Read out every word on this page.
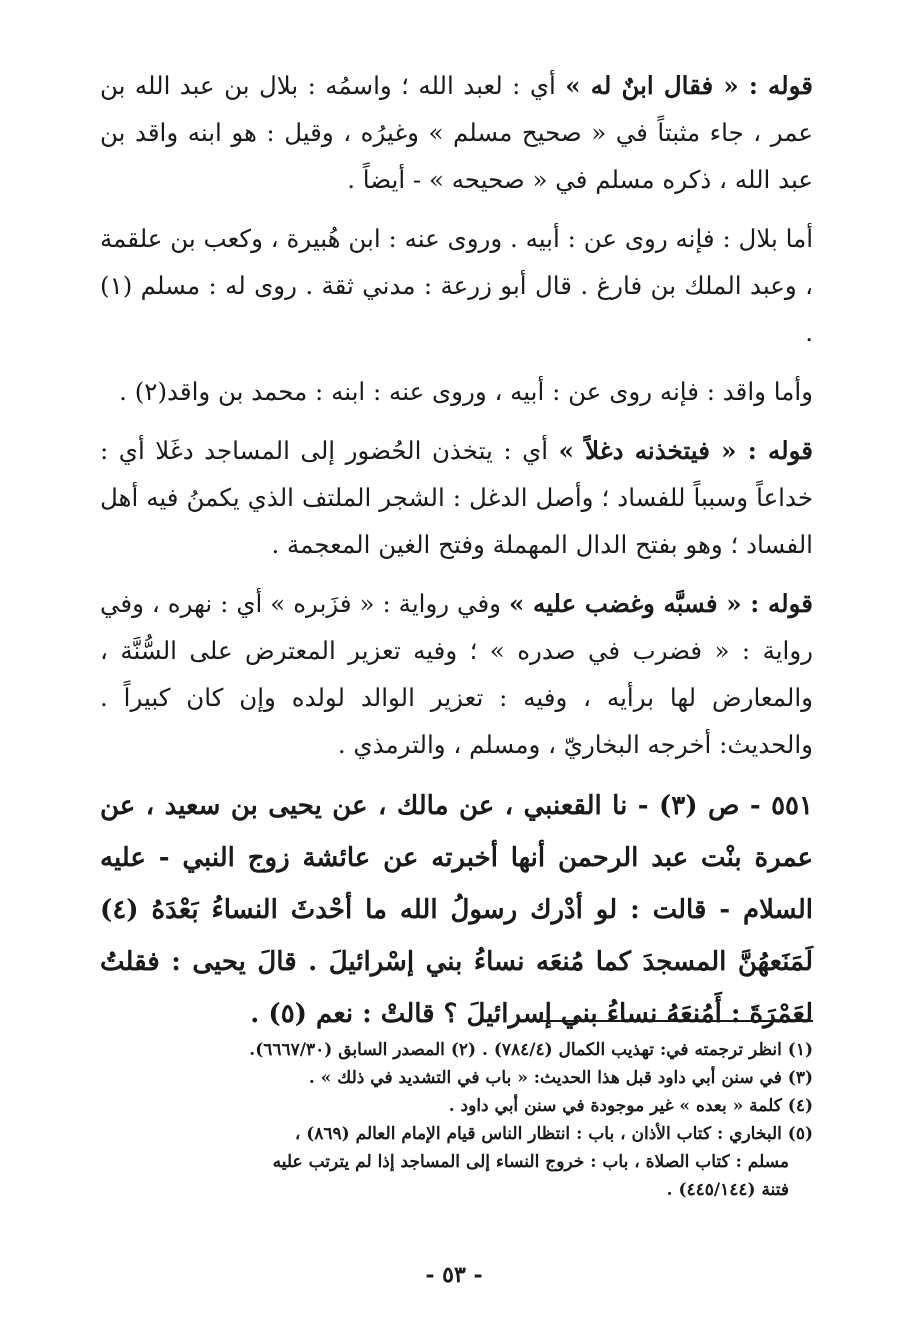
قوله : « فقال ابنٌ له » أي : لعبد الله ؛ واسمُه : بلال بن عبد الله بن عمر ، جاء مثبتاً في « صحيح مسلم » وغيرُه ، وقيل : هو ابنه واقد بن عبد الله ، ذكره مسلم في « صحيحه » - أيضاً .

أما بلال : فإنه روى عن : أبيه . وروى عنه : ابن هُبيرة ، وكعب بن علقمة ، وعبد الملك بن فارغ . قال أبو زرعة : مدني ثقة . روى له : مسلم (١) .

وأما واقد : فإنه روى عن : أبيه ، وروى عنه : ابنه : محمد بن واقد(٢) .

قوله : « فيتخذنه دغلاً » أي : يتخذن الحُضور إلى المساجد دغَلا أي : خداعاً وسبباً للفساد ؛ وأصل الدغل : الشجر الملتف الذي يكمنُ فيه أهل الفساد ؛ وهو بفتح الدال المهملة وفتح الغين المعجمة .

قوله : « فسبَّه وغضب عليه » وفي رواية : « فزَبره » أي : نهره ، وفي رواية : « فضرب في صدره » ؛ وفيه تعزير المعترض على السُّنَّة ، والمعارض لها برأيه ، وفيه : تعزير الوالد لولده وإن كان كبيراً . والحديث: أخرجه البخاريّ ، ومسلم ، والترمذي .

٥٥١ - ص (٣) - نا القعنبي ، عن مالك ، عن يحيى بن سعيد ، عن عمرة بنْت عبد الرحمن أنها أخبرته عن عائشة زوج النبي - عليه السلام - قالت : لو أدْرك رسولُ الله ما أحْدثَ النساءُ بَعْدَهُ (٤) لَمَنَعهُنَّ المسجدَ كما مُنعَه نساءُ بني إسْرائيلَ . قالَ يحيى : فقلتُ لعَمْرَةَ : أَمُنعَهُ نساءُ بني إسرائيلَ ؟ قالتْ : نعم (٥) .

(١) انظر ترجمته في: تهذيب الكمال (٧٨٤/٤) . (٢) المصدر السابق (٦٦٦٧/٣٠).

(٣) في سنن أبي داود قبل هذا الحديث: « باب في التشديد في ذلك » .

(٤) كلمة « بعده » غير موجودة في سنن أبي داود .

(٥) البخاري : كتاب الأذان ، باب : انتظار الناس قيام الإمام العالم (٨٦٩) ،

مسلم : كتاب الصلاة ، باب : خروج النساء إلى المساجد إذا لم يترتب عليه

فتنة (٤٤٥/١٤٤) .

- ٥٣ -
